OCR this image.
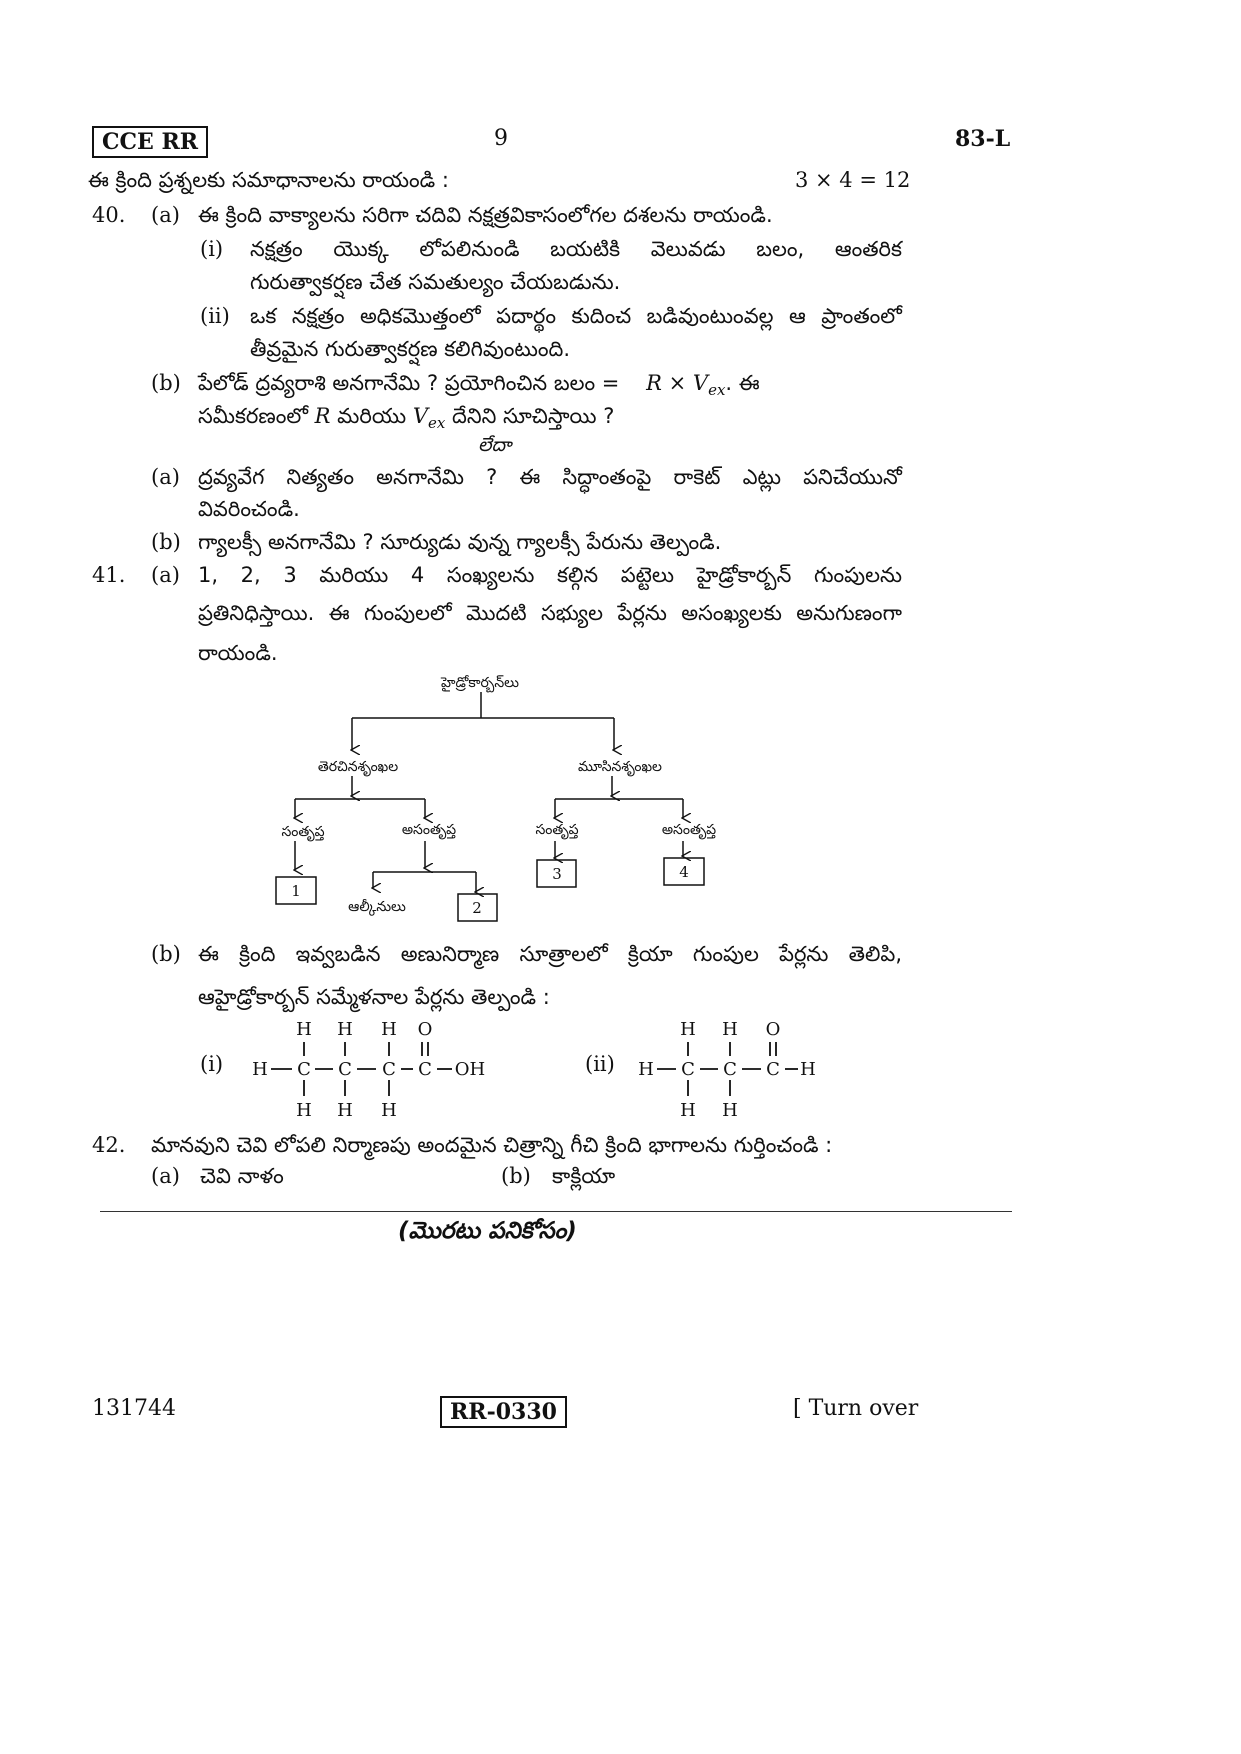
CCE RR	9	83-L
ఈ క్రింది ప్రశ్నలకు సమాధానాలను రాయండి :	3 × 4 = 12
40. (a) ఈ క్రింది వాక్యాలను సరిగా చదివి నక్షత్రవికాసంలోగల దశలను రాయండి.
(i) నక్షత్రం యొక్క లోపలినుండి బయటికి వెలువడు బలం, ఆంతరిక
గురుత్వాకర్షణ చేత సమతుల్యం చేయబడును.
(ii) ఒక నక్షత్రం అధికమొత్తంలో పదార్థం కుదించ బడివుంటుంవల్ల ఆ ప్రాంతంలో
తీవ్రమైన గురుత్వాకర్షణ కలిగివుంటుంది.
(b) పేలోడ్ ద్రవ్యరాశి అనగానేమి ? ప్రయోగించిన బలం = $R \times V_{ex}$. ఈ
సమీకరణంలో R మరియు $V_{ex}$ దేనిని సూచిస్తాయి ?
లేదా
(a) ద్రవ్యవేగ నిత్యతం అనగానేమి ? ఈ సిద్ధాంతంపై రాకెట్ ఎట్లు పనిచేయునో
వివరించండి.
(b) గ్యాలక్సీ అనగానేమి ? సూర్యుడు వున్న గ్యాలక్సీ పేరును తెల్పండి.
41. (a) 1, 2, 3 మరియు 4 సంఖ్యలను కల్గిన పట్టెలు హైడ్రోకార్బన్ గుంపులను
ప్రతినిధిస్తాయి. ఈ గుంపులలో మొదటి సభ్యుల పేర్లను అసంఖ్యలకు అనుగుణంగా
రాయండి.
హైడ్రోకార్బన్‌లు
తెరచినశృంఖల	మూసినశృంఖల
సంతృప్త	అసంతృప్త	సంతృప్త	అసంతృప్త
ఆల్కీనులు
1
2
3	4
(b) ఈ క్రింది ఇవ్వబడిన అణునిర్మాణ సూత్రాలలో క్రియా గుంపుల పేర్లను తెలిపి,
ఆహైడ్రోకార్బన్ సమ్మేళనాల పేర్లను తెల్పండి :
(i)	(ii)
H H H O
H C C C C OH
H H H
H H O
H C C C H
H H
42. మానవుని చెవి లోపలి నిర్మాణపు అందమైన చిత్రాన్ని గీచి క్రింది భాగాలను గుర్తించండి :
(a) చెవి నాళం	(b) కాక్లియా
(మొరటు పనికోసం)
131744	RR-0330	[ Turn over
